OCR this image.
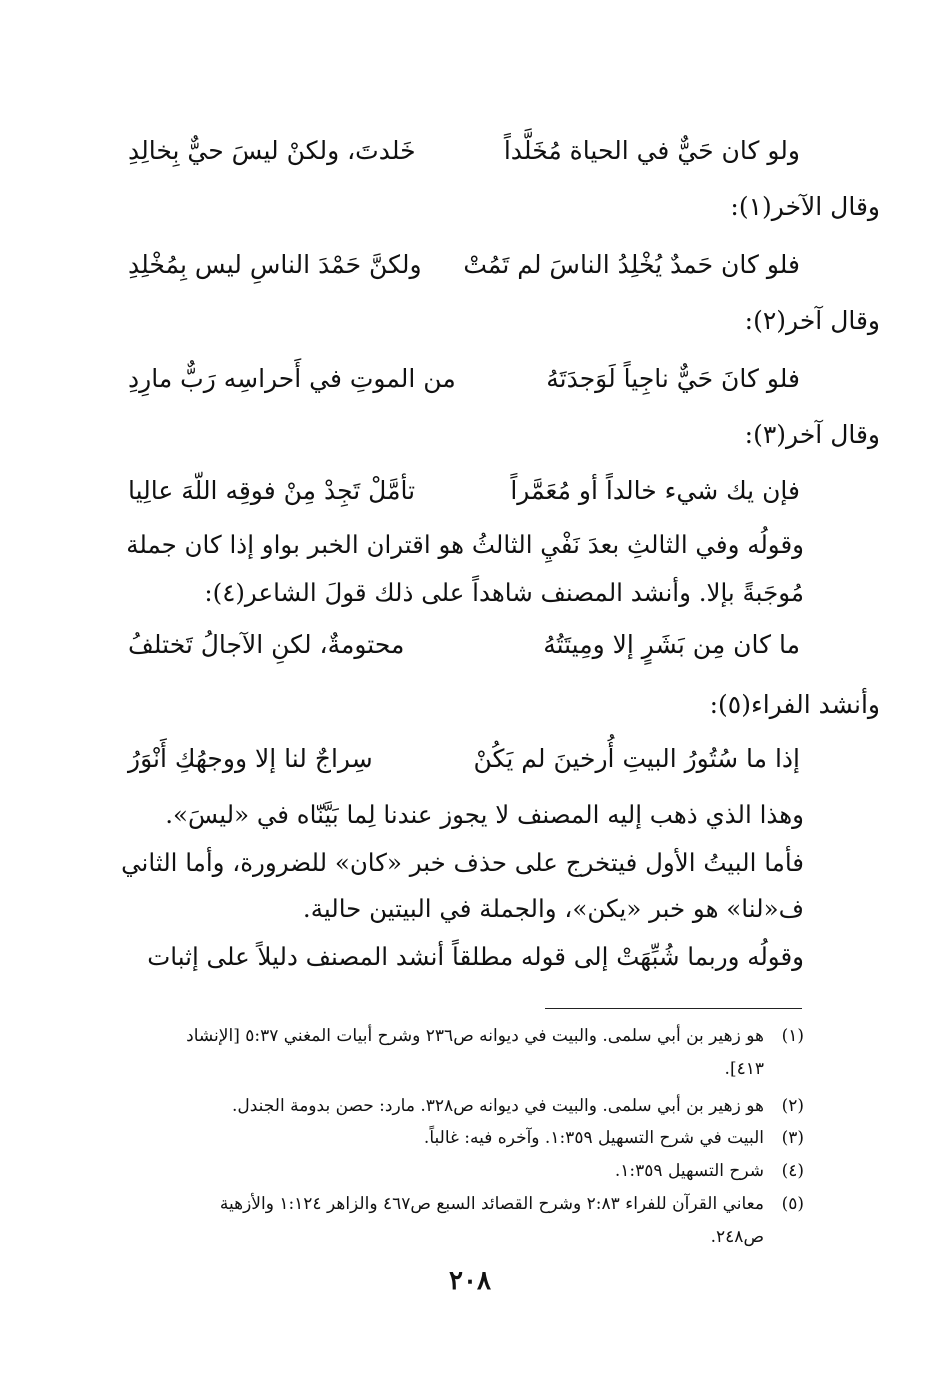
ولو كان حَيٌّ في الحياة مُخَلَّداً
خَلدتَ، ولكنْ ليسَ حيٌّ بِخالِدِ
وقال الآخر(١):
فلو كان حَمدٌ يُخْلِدُ الناسَ لم تَمُتْ
ولكنَّ حَمْدَ الناسِ ليس بِمُخْلِدِ
وقال آخر(٢):
فلو كانَ حَيٌّ ناجِياً لَوَجدَتَهُ
من الموتِ في أَحراسِه رَبٌّ مارِدِ
وقال آخر(٣):
فإن يك شيء خالداً أو مُعَمَّراً
تأمَّلْ تَجِدْ مِنْ فوقِه اللّهَ عالِيا
وقولُه وفي الثالثِ بعدَ نَفْيِ الثالثُ هو اقتران الخبر بواو إذا كان جملة
مُوجَبةً بإلا. وأنشد المصنف شاهداً على ذلك قولَ الشاعر(٤):
ما كان مِن بَشَرٍ إلا ومِيتَتُهُ
محتومةٌ، لكنِ الآجالُ تَختلفُ
وأنشد الفراء(٥):
إذا ما سُتُورُ البيتِ أُرخينَ لم يَكُنْ
سِراجٌ لنا إلا ووجهُكِ أَنْوَرُ
وهذا الذي ذهب إليه المصنف لا يجوز عندنا لِما بَيَّنّاه في «ليسَ».
فأما البيتُ الأول فيتخرج على حذف خبر «كان» للضرورة، وأما الثاني
ف«لنا» هو خبر «يكن»، والجملة في البيتين حالية.
وقولُه وربما شُبِّهَتْ إلى قوله مطلقاً أنشد المصنف دليلاً على إثبات
(١)هو زهير بن أبي سلمى. والبيت في ديوانه ص٢٣٦ وشرح أبيات المغني ٥:٣٧ [الإنشاد
٤١٣].
(٢)هو زهير بن أبي سلمى. والبيت في ديوانه ص٣٢٨. مارد: حصن بدومة الجندل.
(٣)البيت في شرح التسهيل ١:٣٥٩. وآخره فيه: غالباً.
(٤)شرح التسهيل ١:٣٥٩.
(٥)معاني القرآن للفراء ٢:٨٣ وشرح القصائد السبع ص٤٦٧ والزاهر ١:١٢٤ والأزهية
ص٢٤٨.
٢٠٨
